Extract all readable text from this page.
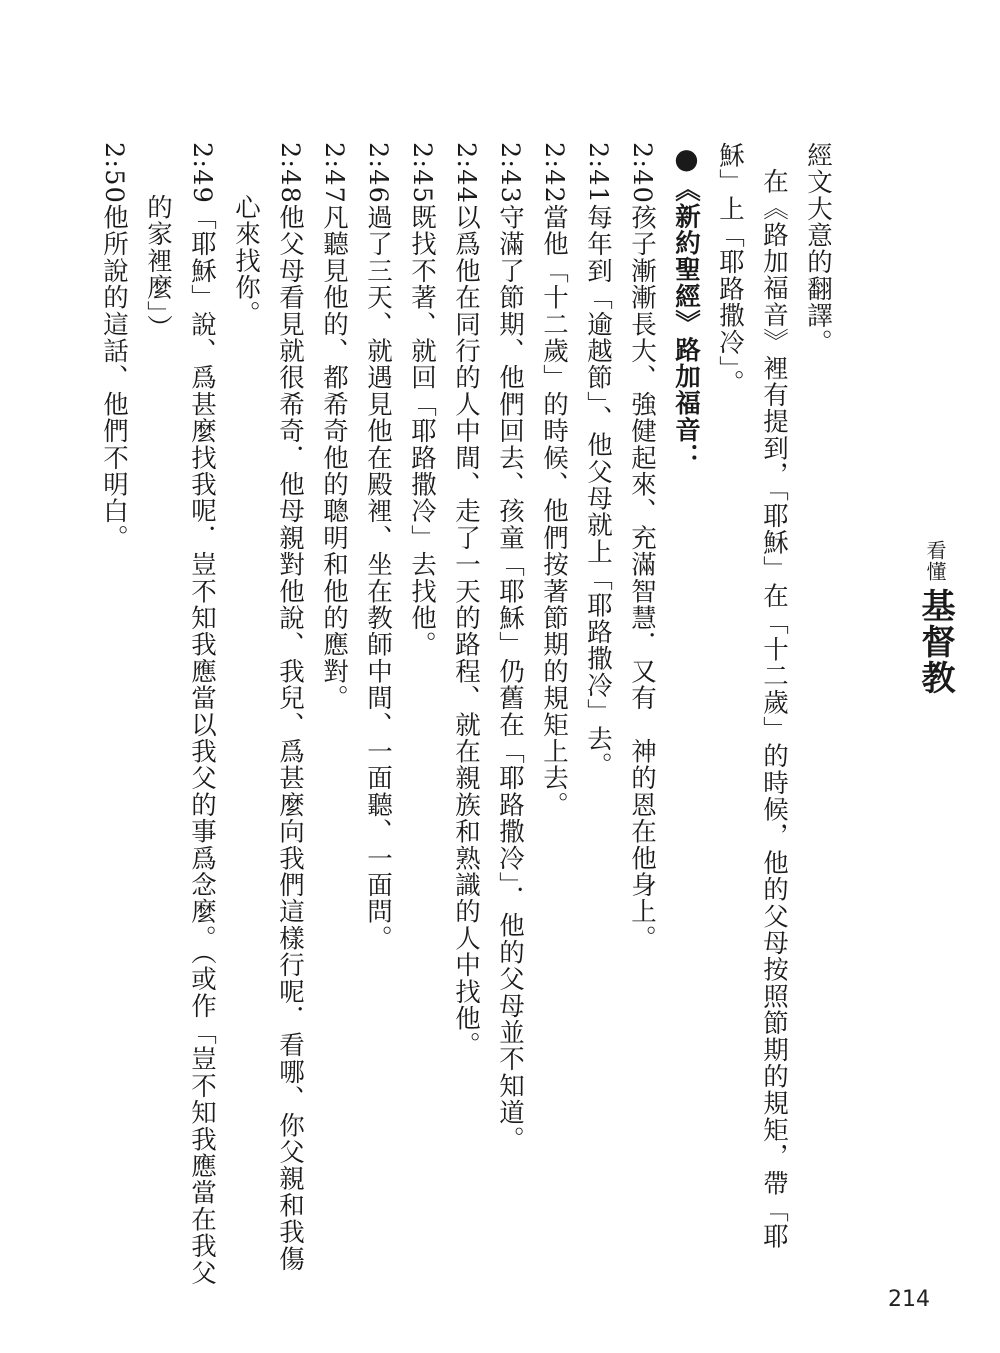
看懂
基督教
經文大意的翻譯。
在《路加福音》裡有提到，「耶穌」在「十二歲」的時候，他的父母按照節期的規矩，帶「耶
穌」上「耶路撒冷」。
●《新約聖經》路加福音：
2:40孩子漸漸長大、強健起來、充滿智慧．又有　神的恩在他身上。
2:41每年到「逾越節」、他父母就上「耶路撒冷」去。
2:42當他「十二歲」的時候、他們按著節期的規矩上去。
2:43守滿了節期、他們回去、孩童「耶穌」仍舊在「耶路撒冷」．他的父母並不知道。
2:44以爲他在同行的人中間、走了一天的路程、就在親族和熟識的人中找他。
2:45既找不著、就回「耶路撒冷」去找他。
2:46過了三天、就遇見他在殿裡、坐在教師中間、一面聽、一面問。
2:47凡聽見他的、都希奇他的聰明和他的應對。
2:48他父母看見就很希奇．他母親對他說、我兒、爲甚麼向我們這樣行呢．看哪、你父親和我傷
心來找你。
2:49「耶穌」說、爲甚麼找我呢．豈不知我應當以我父的事爲念麼。（或作「豈不知我應當在我父
的家裡麼」）
2:50他所說的這話、他們不明白。
214
